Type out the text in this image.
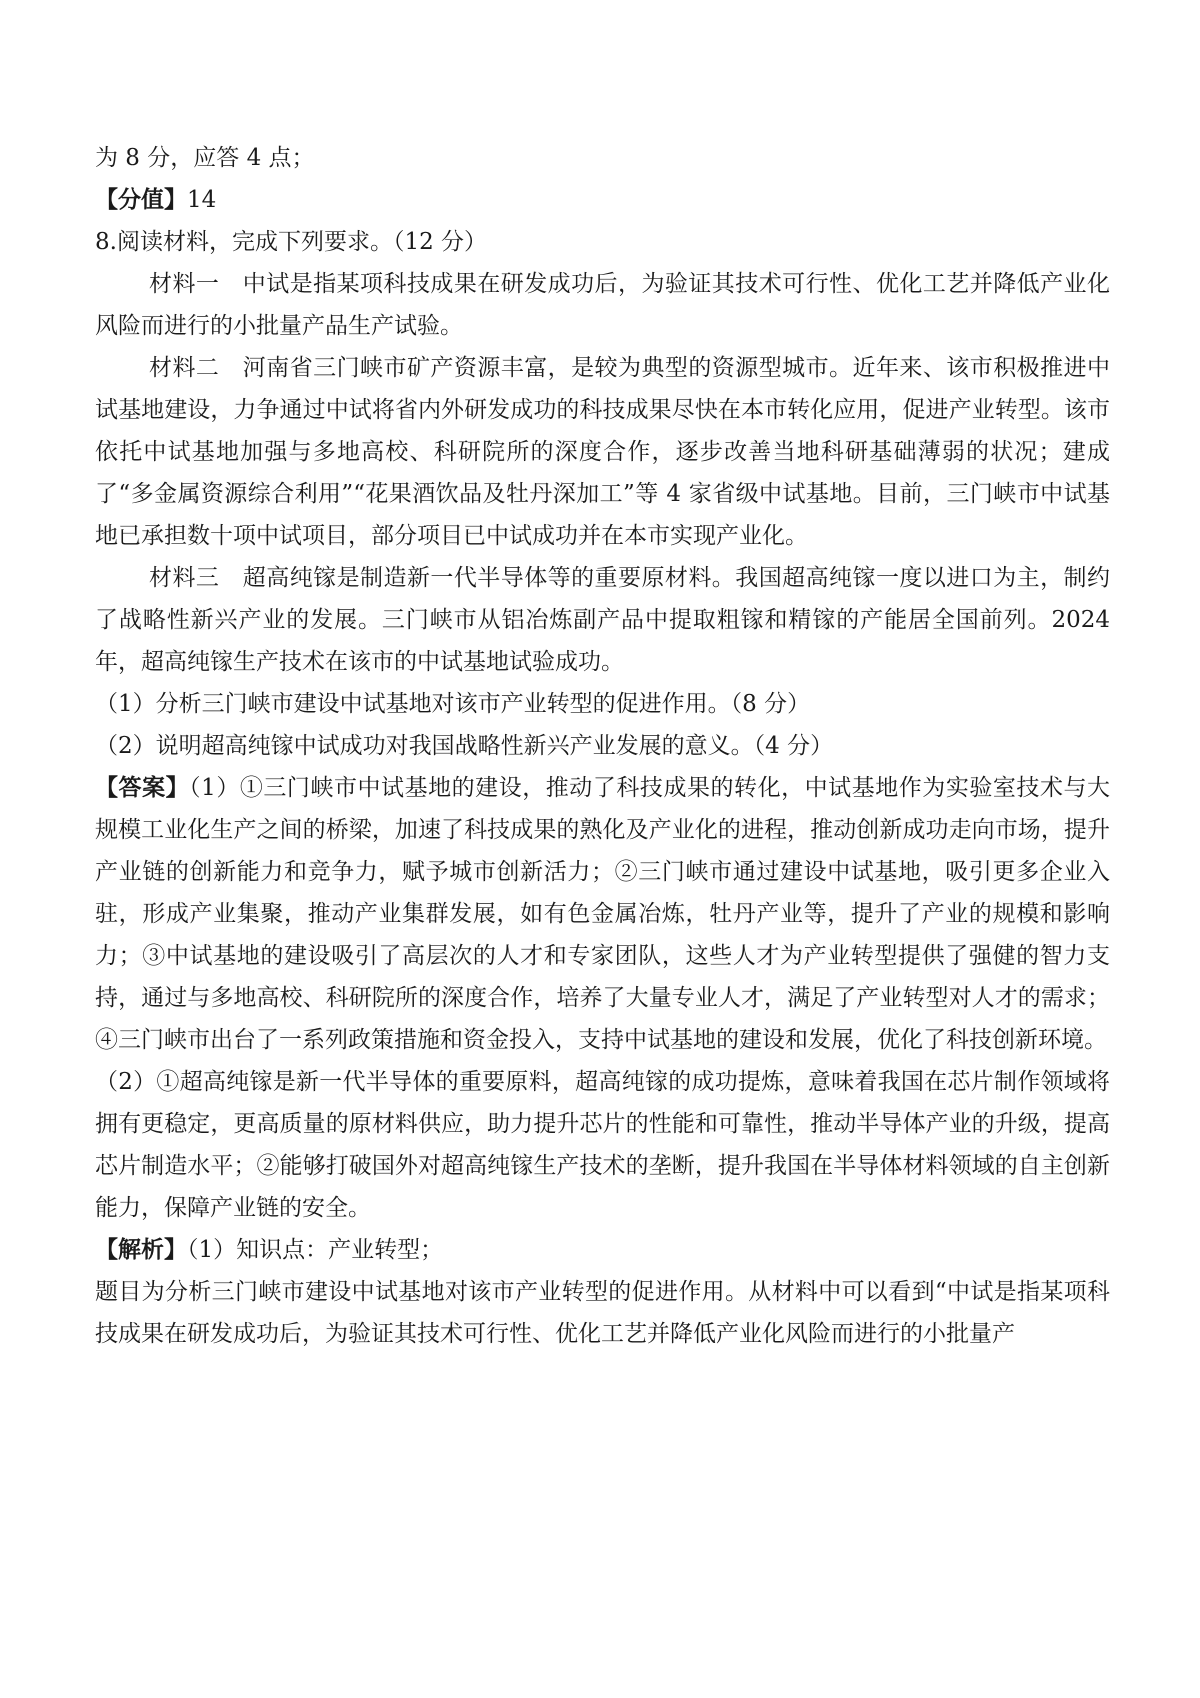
为 8 分，应答 4 点；

【分值】14

8.阅读材料，完成下列要求。（12 分）

材料一　中试是指某项科技成果在研发成功后，为验证其技术可行性、优化工艺并降低产业化风险而进行的小批量产品生产试验。

材料二　河南省三门峡市矿产资源丰富，是较为典型的资源型城市。近年来、该市积极推进中试基地建设，力争通过中试将省内外研发成功的科技成果尽快在本市转化应用，促进产业转型。该市依托中试基地加强与多地高校、科研院所的深度合作，逐步改善当地科研基础薄弱的状况；建成了“多金属资源综合利用”“花果酒饮品及牡丹深加工”等 4 家省级中试基地。目前，三门峡市中试基地已承担数十项中试项目，部分项目已中试成功并在本市实现产业化。

材料三　超高纯镓是制造新一代半导体等的重要原材料。我国超高纯镓一度以进口为主，制约了战略性新兴产业的发展。三门峡市从铝冶炼副产品中提取粗镓和精镓的产能居全国前列。2024 年，超高纯镓生产技术在该市的中试基地试验成功。

（1）分析三门峡市建设中试基地对该市产业转型的促进作用。（8 分）

（2）说明超高纯镓中试成功对我国战略性新兴产业发展的意义。（4 分）

【答案】（1）①三门峡市中试基地的建设，推动了科技成果的转化，中试基地作为实验室技术与大规模工业化生产之间的桥梁，加速了科技成果的熟化及产业化的进程，推动创新成功走向市场，提升产业链的创新能力和竞争力，赋予城市创新活力；②三门峡市通过建设中试基地，吸引更多企业入驻，形成产业集聚，推动产业集群发展，如有色金属冶炼，牡丹产业等，提升了产业的规模和影响力；③中试基地的建设吸引了高层次的人才和专家团队，这些人才为产业转型提供了强健的智力支持，通过与多地高校、科研院所的深度合作，培养了大量专业人才，满足了产业转型对人才的需求；④三门峡市出台了一系列政策措施和资金投入，支持中试基地的建设和发展，优化了科技创新环境。

（2）①超高纯镓是新一代半导体的重要原料，超高纯镓的成功提炼，意味着我国在芯片制作领域将拥有更稳定，更高质量的原材料供应，助力提升芯片的性能和可靠性，推动半导体产业的升级，提高芯片制造水平；②能够打破国外对超高纯镓生产技术的垄断，提升我国在半导体材料领域的自主创新能力，保障产业链的安全。

【解析】（1）知识点：产业转型；

题目为分析三门峡市建设中试基地对该市产业转型的促进作用。从材料中可以看到“中试是指某项科技成果在研发成功后，为验证其技术可行性、优化工艺并降低产业化风险而进行的小批量产
